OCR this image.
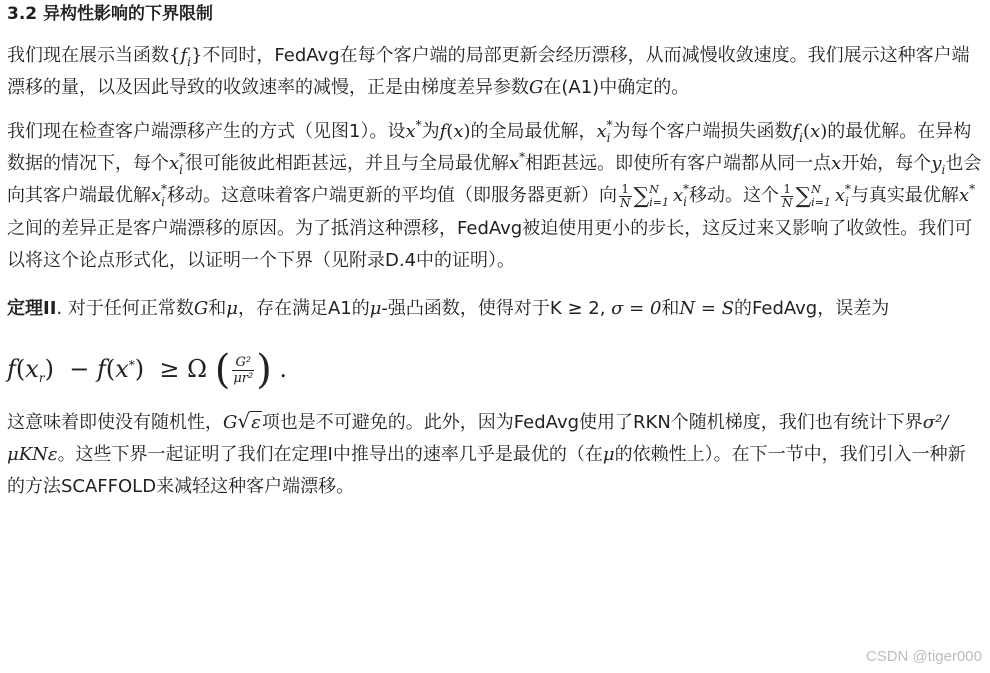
3.2 异构性影响的下界限制

我们现在展示当函数$\{f_i\}$不同时，FedAvg在每个客户端的局部更新会经历漂移，从而减慢收敛速度。我们展示这种客户端漂移的量，以及因此导致的收敛速率的减慢，正是由梯度差异参数G在(A1)中确定的。

我们现在检查客户端漂移产生的方式（见图1）。设x*为f(x)的全局最优解，$x_i^*$为每个客户端损失函数$f_i(x)$的最优解。在异构数据的情况下，每个$x_i^*$很可能彼此相距甚远，并且与全局最优解x*相距甚远。即使所有客户端都从同一点x开始，每个$y_i$也会向其客户端最优解$x_i^*$移动。这意味着客户端更新的平均值（即服务器更新）向 $\frac{1}{N}$ ∑ N
i=1 $x_i^*$移动。这个 $\frac{1}{N}$ ∑ N
i=1 $x_i^*$与真实最优解x*之间的差异正是客户端漂移的原因。为了抵消这种漂移，FedAvg被迫使用更小的步长，这反过来又影响了收敛性。我们可以将这个论点形式化，以证明一个下界（见附录D.4中的证明）。

定理II. 对于任何正常数G和μ，存在满足A1的μ-强凸函数，使得对于K ≥ 2, σ = 0和N = S的FedAvg，误差为

$f(x_r) - f(x^*) \ge \Omega$ ( $\frac{\text{G²}}{\text{μr²}}$ ) .

这意味着即使没有随机性，G√ε项也是不可避免的。此外，因为FedAvg使用了RKN个随机梯度，我们也有统计下界σ²/μKNε。这些下界一起证明了我们在定理I中推导出的速率几乎是最优的（在μ的依赖性上）。在下一节中，我们引入一种新的方法SCAFFOLD来减轻这种客户端漂移。

CSDN @tiger000
